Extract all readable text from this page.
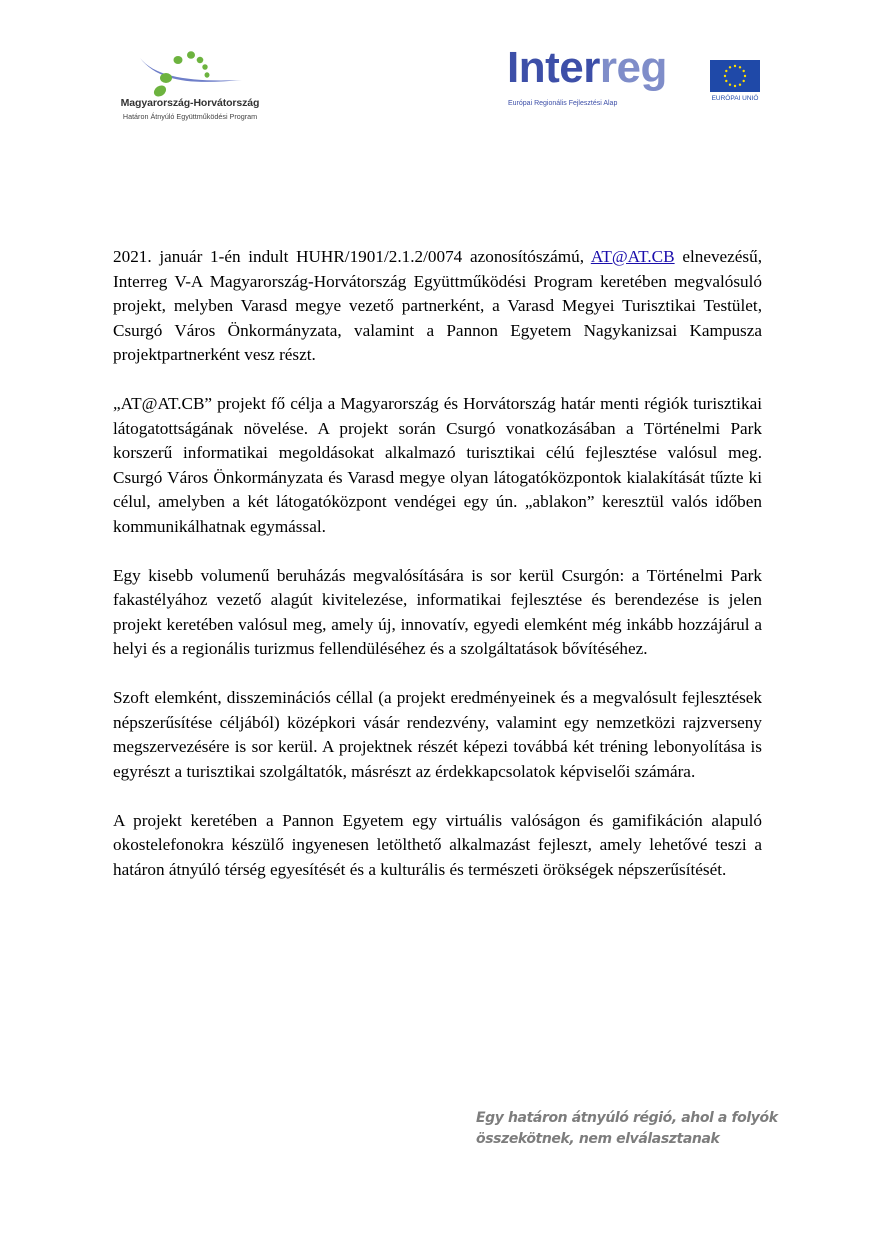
Magyarország-Horvátország
Határon Átnyúló Együttműködési Program
Interreg
Európai Regionális Fejlesztési Alap
EURÓPAI UNIÓ

2021. január 1-én indult HUHR/1901/2.1.2/0074 azonosítószámú, AT@AT.CB elnevezésű, Interreg V-A Magyarország-Horvátország Együttműködési Program keretében megvalósuló projekt, melyben Varasd megye vezető partnerként, a Varasd Megyei Turisztikai Testület, Csurgó Város Önkormányzata, valamint a Pannon Egyetem Nagykanizsai Kampusza projektpartnerként vesz részt.

„AT@AT.CB” projekt fő célja a Magyarország és Horvátország határ menti régiók turisztikai látogatottságának növelése. A projekt során Csurgó vonatkozásában a Történelmi Park korszerű informatikai megoldásokat alkalmazó turisztikai célú fejlesztése valósul meg. Csurgó Város Önkormányzata és Varasd megye olyan látogatóközpontok kialakítását tűzte ki célul, amelyben a két látogatóközpont vendégei egy ún. „ablakon” keresztül valós időben kommunikálhatnak egymással.

Egy kisebb volumenű beruházás megvalósítására is sor kerül Csurgón: a Történelmi Park fakastélyához vezető alagút kivitelezése, informatikai fejlesztése és berendezése is jelen projekt keretében valósul meg, amely új, innovatív, egyedi elemként még inkább hozzájárul a helyi és a regionális turizmus fellendüléséhez és a szolgáltatások bővítéséhez.

Szoft elemként, disszeminációs céllal (a projekt eredményeinek és a megvalósult fejlesztések népszerűsítése céljából) középkori vásár rendezvény, valamint egy nemzetközi rajzverseny megszervezésére is sor kerül. A projektnek részét képezi továbbá két tréning lebonyolítása is egyrészt a turisztikai szolgáltatók, másrészt az érdekkapcsolatok képviselői számára.

A projekt keretében a Pannon Egyetem egy virtuális valóságon és gamifikáción alapuló okostelefonokra készülő ingyenesen letölthető alkalmazást fejleszt, amely lehetővé teszi a határon átnyúló térség egyesítését és a kulturális és természeti örökségek népszerűsítését.

Egy határon átnyúló régió, ahol a folyók
összekötnek, nem elválasztanak
